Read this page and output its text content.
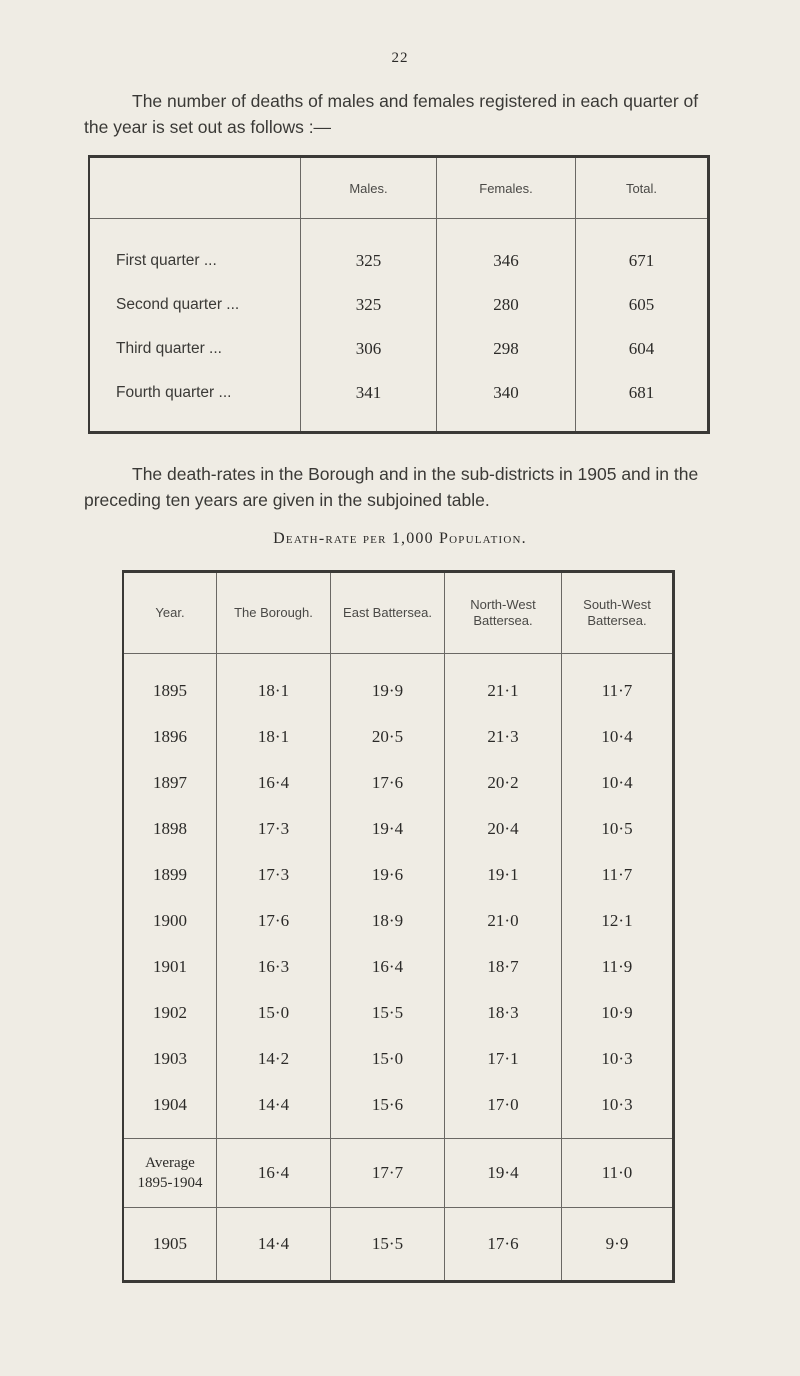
22
The number of deaths of males and females registered in each quarter of the year is set out as follows :—
	Males.	Females.	Total.

First quarter ...	325	346	671
Second quarter ...	325	280	605
Third quarter ...	306	298	604
Fourth quarter ...	341	340	681

The death-rates in the Borough and in the sub-districts in 1905 and in the preceding ten years are given in the subjoined table.
Death-rate per 1,000 Population.
Year.	The Borough.	East Battersea.	North-West Battersea.	South-West Battersea.

1895	18·1	19·9	21·1	11·7
1896	18·1	20·5	21·3	10·4
1897	16·4	17·6	20·2	10·4
1898	17·3	19·4	20·4	10·5
1899	17·3	19·6	19·1	11·7
1900	17·6	18·9	21·0	12·1
1901	16·3	16·4	18·7	11·9
1902	15·0	15·5	18·3	10·9
1903	14·2	15·0	17·1	10·3
1904	14·4	15·6	17·0	10·3

Average
1895-1904	16·4	17·7	19·4	11·0
1905	14·4	15·5	17·6	9·9
